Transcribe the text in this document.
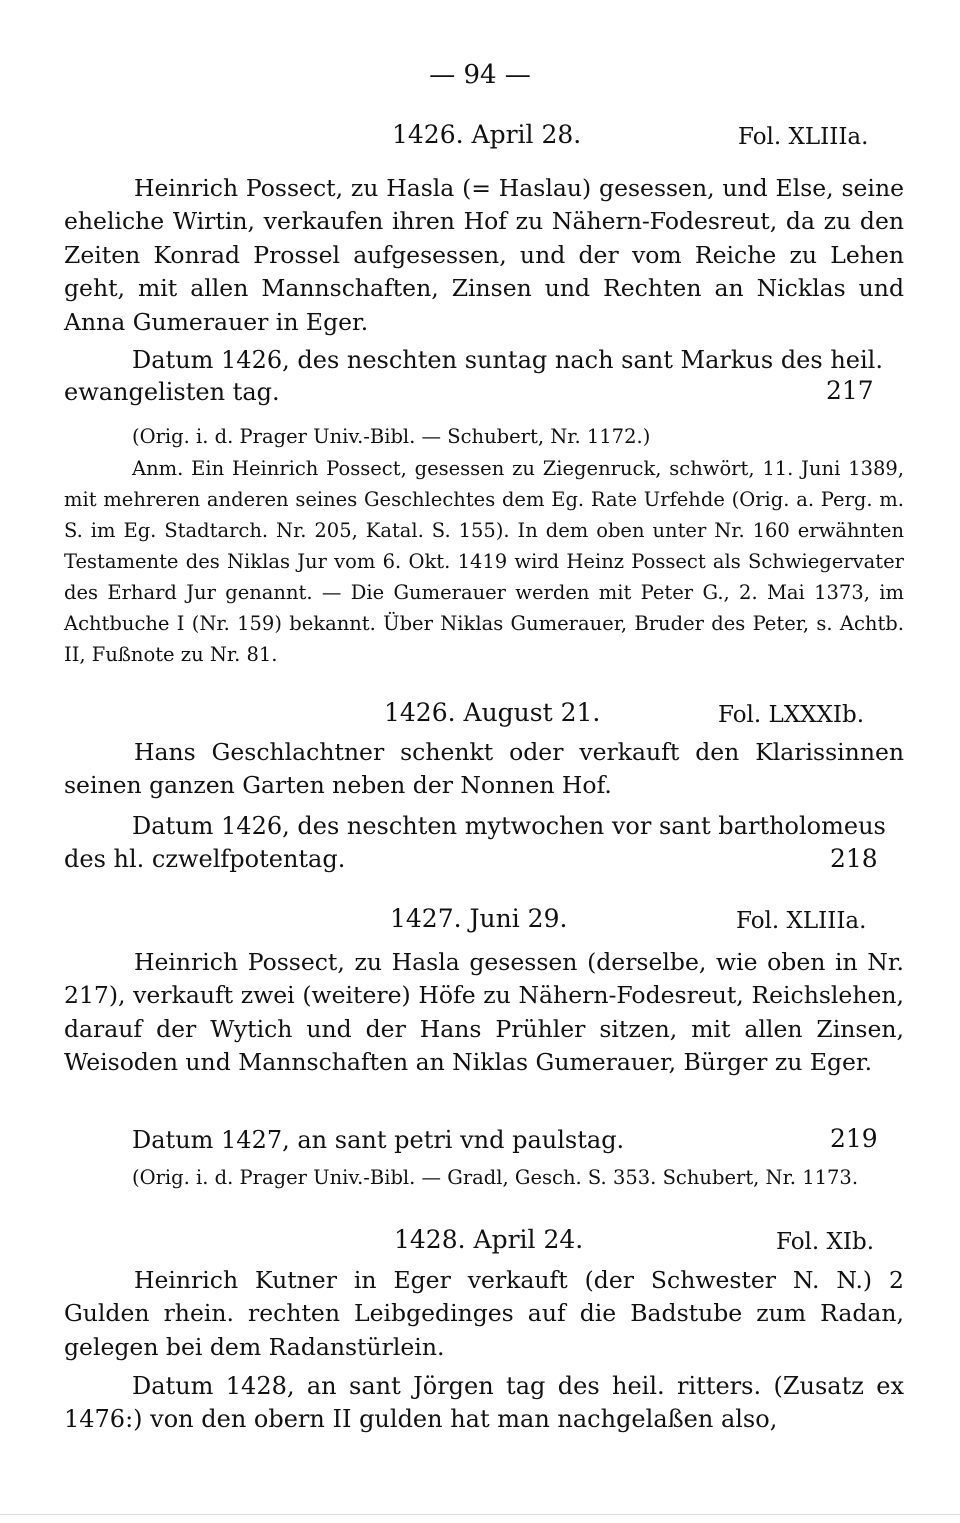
— 94 —
1426. April 28.	Fol. XLIIIa.

Heinrich Possect, zu Hasla (= Haslau) gesessen, und Else, seine eheliche Wirtin, verkaufen ihren Hof zu Nähern-Fodesreut, da zu den Zeiten Konrad Prossel aufgesessen, und der vom Reiche zu Lehen geht, mit allen Mannschaften, Zinsen und Rechten an Nicklas und Anna Gumerauer in Eger.

Datum 1426, des neschten suntag nach sant Markus des heil. ewangelisten tag.	217

(Orig. i. d. Prager Univ.-Bibl. — Schubert, Nr. 1172.)

Anm. Ein Heinrich Possect, gesessen zu Ziegenruck, schwört, 11. Juni 1389, mit mehreren anderen seines Geschlechtes dem Eg. Rate Urfehde (Orig. a. Perg. m. S. im Eg. Stadtarch. Nr. 205, Katal. S. 155). In dem oben unter Nr. 160 erwähnten Testamente des Niklas Jur vom 6. Okt. 1419 wird Heinz Possect als Schwiegervater des Erhard Jur genannt. — Die Gumerauer werden mit Peter G., 2. Mai 1373, im Achtbuche I (Nr. 159) bekannt. Über Niklas Gumerauer, Bruder des Peter, s. Achtb. II, Fußnote zu Nr. 81.

1426. August 21.	Fol. LXXXIb.

Hans Geschlachtner schenkt oder verkauft den Klarissinnen seinen ganzen Garten neben der Nonnen Hof.

Datum 1426, des neschten mytwochen vor sant bartholomeus des hl. czwelfpotentag.	218
1427. Juni 29.	Fol. XLIIIa.

Heinrich Possect, zu Hasla gesessen (derselbe, wie oben in Nr. 217), verkauft zwei (weitere) Höfe zu Nähern-Fodesreut, Reichslehen, darauf der Wytich und der Hans Prühler sitzen, mit allen Zinsen, Weisoden und Mannschaften an Niklas Gumerauer, Bürger zu Eger.

Datum 1427, an sant petri vnd paulstag.	219

(Orig. i. d. Prager Univ.-Bibl. — Gradl, Gesch. S. 353. Schubert, Nr. 1173.

1428. April 24.	Fol. XIb.

Heinrich Kutner in Eger verkauft (der Schwester N. N.) 2 Gulden rhein. rechten Leibgedinges auf die Badstube zum Radan, gelegen bei dem Radanstürlein.

Datum 1428, an sant Jörgen tag des heil. ritters. (Zusatz ex 1476:) von den obern II gulden hat man nachgelaßen also,
